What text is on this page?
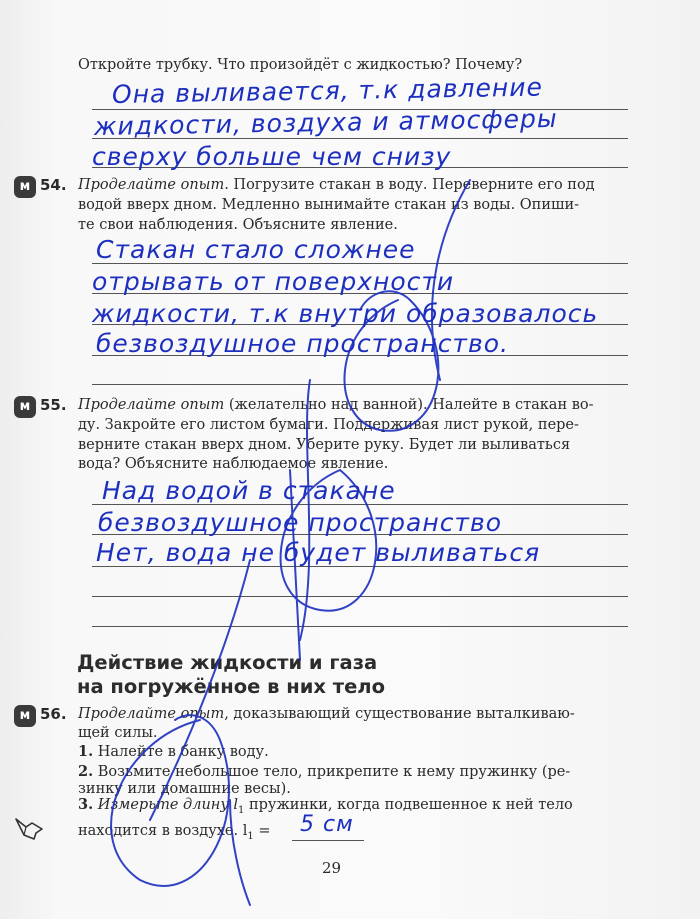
Откройте трубку. Что произойдёт с жидкостью? Почему?
Она выливается, т.к давление
жидкости, воздуха и атмосферы
сверху больше чем снизу
м 54. Проделайте опыт. Погрузите стакан в воду. Переверните его под
водой вверх дном. Медленно вынимайте стакан из воды. Опиши-
те свои наблюдения. Объясните явление.
Стакан стало сложнее
отрывать от поверхности
жидкости, т.к внутри образовалось
безвоздушное пространство.
м 55. Проделайте опыт (желательно над ванной). Налейте в стакан во-
ду. Закройте его листом бумаги. Поддерживая лист рукой, пере-
верните стакан вверх дном. Уберите руку. Будет ли выливаться
вода? Объясните наблюдаемое явление.
Над водой в стакане
безвоздушное пространство
Нет, вода не будет выливаться
Действие жидкости и газа
на погружённое в них тело
м 56. Проделайте опыт, доказывающий существование выталкиваю-
щей силы.
1. Налейте в банку воду.
2. Возьмите небольшое тело, прикрепите к нему пружинку (ре-
зинку или домашние весы).
3. Измерьте длину $l_1$ пружинки, когда подвешенное к ней тело
находится в воздухе. $l_1 = 5$ см
29
